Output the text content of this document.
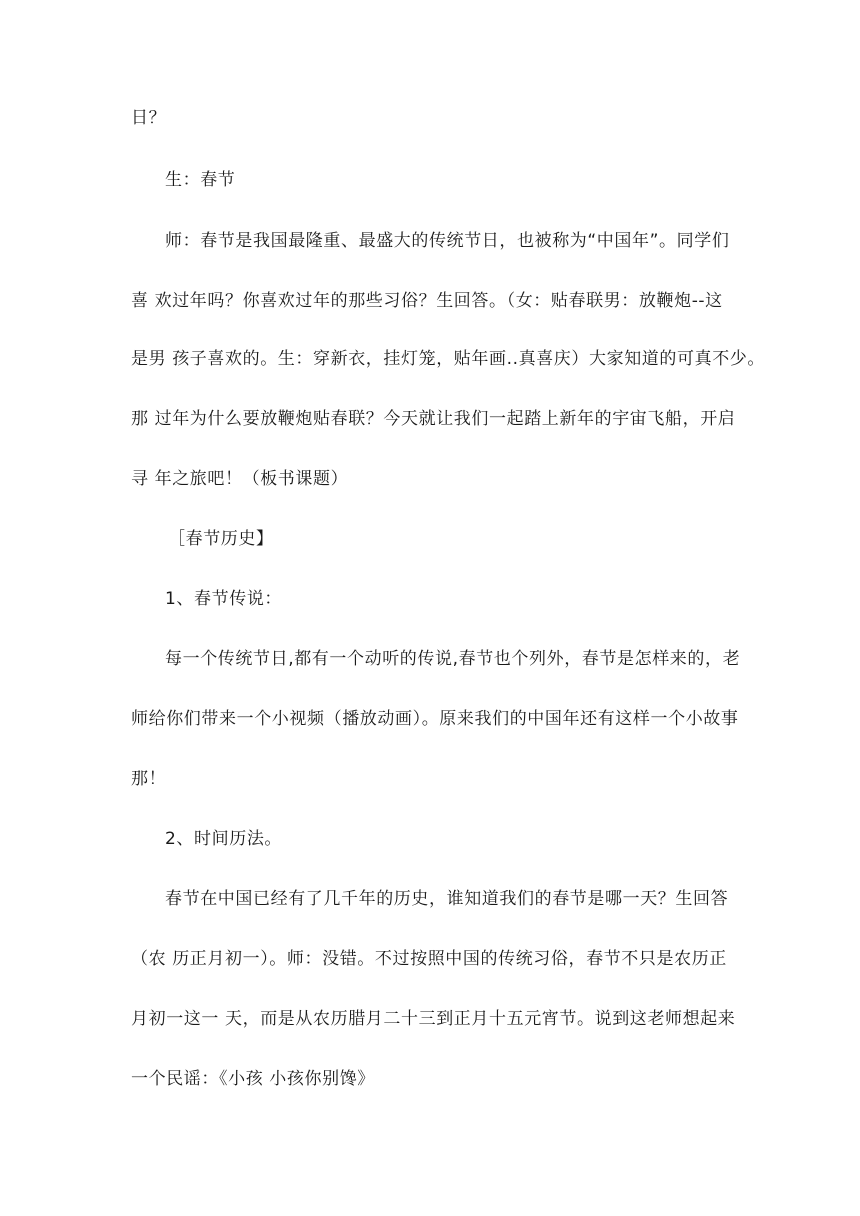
日？
生：春节
师：春节是我国最隆重、最盛大的传统节日，也被称为“中国年”。同学们
喜 欢过年吗？你喜欢过年的那些习俗？生回答。（女：贴春联男：放鞭炮--这
是男 孩子喜欢的。生：穿新衣，挂灯笼，贴年画..真喜庆）大家知道的可真不少。
那 过年为什么要放鞭炮贴春联？今天就让我们一起踏上新年的宇宙飞船，开启
寻 年之旅吧！（板书课题）
［春节历史】
1、春节传说：
每一个传统节日,都有一个动听的传说,春节也个列外，春节是怎样来的，老
师给你们带来一个小视频（播放动画）。原来我们的中国年还有这样一个小故事
那！
2、时间历法。
春节在中国已经有了几千年的历史，谁知道我们的春节是哪一天？生回答
（农 历正月初一）。师：没错。不过按照中国的传统习俗，春节不只是农历正
月初一这一 天，而是从农历腊月二十三到正月十五元宵节。说到这老师想起来
一个民谣：《小孩 小孩你别馋》
